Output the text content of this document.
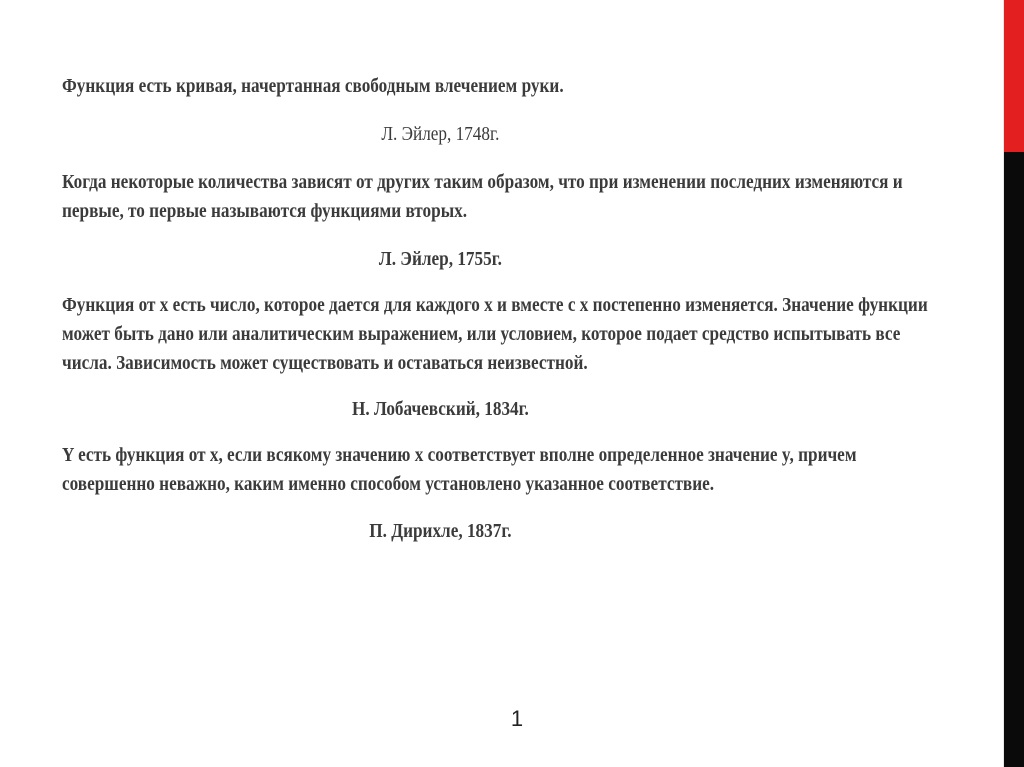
Функция есть кривая, начертанная свободным влечением руки.

Л. Эйлер, 1748г.

Когда некоторые количества зависят от других таким образом, что при изменении последних изменяются и первые, то первые называются функциями вторых.

Л. Эйлер, 1755г.

Функция от x есть число, которое дается для каждого x и вместе с x постепенно изменяется. Значение функции может быть дано или аналитическим выражением, или условием, которое подает средство испытывать все числа. Зависимость может существовать и оставаться неизвестной.

Н. Лобачевский, 1834г.

Y есть функция от x, если всякому значению x соответствует вполне определенное значение y, причем совершенно неважно, каким именно способом установлено указанное соответствие.

П. Дирихле, 1837г.

1
